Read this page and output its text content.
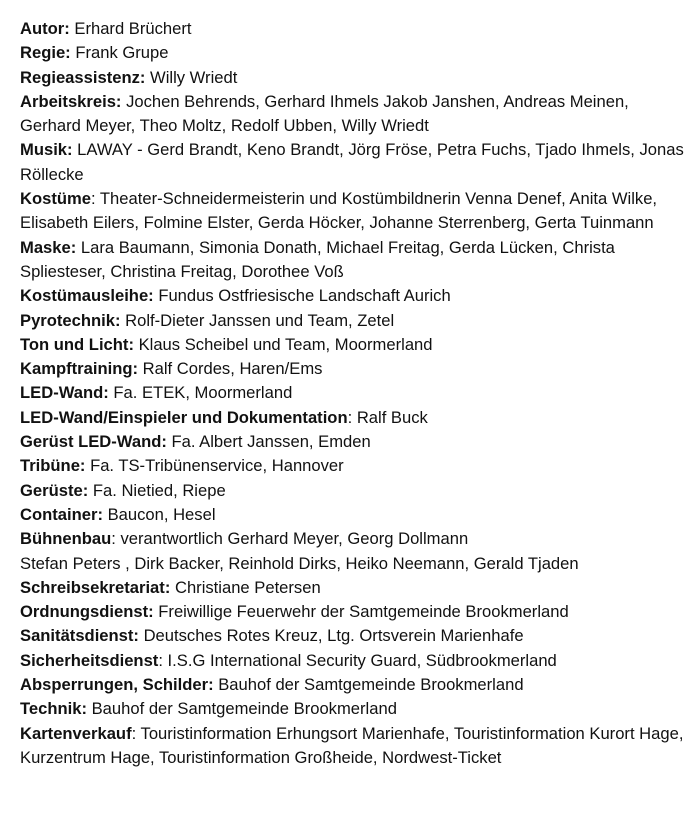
Autor: Erhard Brüchert

Regie: Frank Grupe

Regieassistenz: Willy Wriedt

Arbeitskreis: Jochen Behrends, Gerhard Ihmels Jakob Janshen, Andreas Meinen, Gerhard Meyer, Theo Moltz, Redolf Ubben, Willy Wriedt

Musik: LAWAY - Gerd Brandt, Keno Brandt, Jörg Fröse, Petra Fuchs, Tjado Ihmels, Jonas Röllecke

Kostüme: Theater-Schneidermeisterin und Kostümbildnerin Venna Denef, Anita Wilke, Elisabeth Eilers, Folmine Elster, Gerda Höcker, Johanne Sterrenberg, Gerta Tuinmann

Maske: Lara Baumann, Simonia Donath, Michael Freitag, Gerda Lücken, Christa Spliesteser, Christina Freitag, Dorothee Voß

Kostümausleihe: Fundus Ostfriesische Landschaft Aurich

Pyrotechnik: Rolf-Dieter Janssen und Team, Zetel

Ton und Licht: Klaus Scheibel und Team, Moormerland

Kampftraining: Ralf Cordes, Haren/Ems

LED-Wand: Fa. ETEK, Moormerland

LED-Wand/Einspieler und Dokumentation: Ralf Buck

Gerüst LED-Wand: Fa. Albert Janssen, Emden

Tribüne: Fa. TS-Tribünenservice, Hannover

Gerüste: Fa. Nietied, Riepe

Container: Baucon, Hesel

Bühnenbau: verantwortlich Gerhard Meyer, Georg Dollmann

Stefan Peters , Dirk Backer, Reinhold Dirks, Heiko Neemann, Gerald Tjaden

Schreibsekretariat: Christiane Petersen

Ordnungsdienst: Freiwillige Feuerwehr der Samtgemeinde Brookmerland

Sanitätsdienst: Deutsches Rotes Kreuz, Ltg. Ortsverein Marienhafe

Sicherheitsdienst: I.S.G International Security Guard, Südbrookmerland

Absperrungen, Schilder: Bauhof der Samtgemeinde Brookmerland

Technik: Bauhof der Samtgemeinde Brookmerland

Kartenverkauf: Touristinformation Erhungsort Marienhafe, Touristinformation Kurort Hage, Kurzentrum Hage, Touristinformation Großheide, Nordwest-Ticket
